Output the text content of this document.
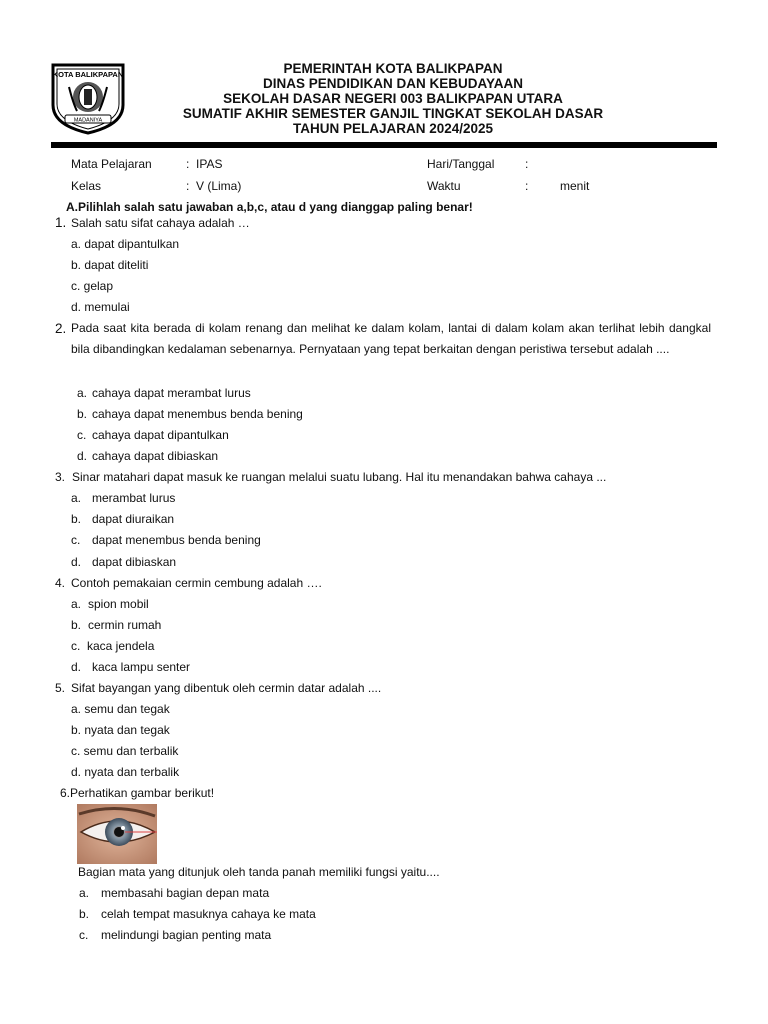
KOTA BALIKPAPAN
MADANIYA
PEMERINTAH KOTA BALIKPAPAN
DINAS PENDIDIKAN DAN KEBUDAYAAN
SEKOLAH DASAR NEGERI 003 BALIKPAPAN UTARA
SUMATIF AKHIR SEMESTER GANJIL TINGKAT SEKOLAH DASAR
TAHUN PELAJARAN 2024/2025
Mata Pelajaran	: IPAS
Kelas	: V (Lima)
Hari/Tanggal	:
Waktu	:	menit
A.Pilihlah salah satu jawaban a,b,c, atau d yang dianggap paling benar!
1. Salah satu sifat cahaya adalah …
a. dapat dipantulkan
b. dapat diteliti
c. gelap
d. memulai
2. Pada saat kita berada di kolam renang dan melihat ke dalam kolam, lantai di dalam kolam akan terlihat lebih dangkal bila dibandingkan kedalaman sebenarnya. Pernyataan yang tepat berkaitan dengan peristiwa tersebut adalah ....
a. cahaya dapat merambat lurus
b. cahaya dapat menembus benda bening
c. cahaya dapat dipantulkan
d. cahaya dapat dibiaskan
3. Sinar matahari dapat masuk ke ruangan melalui suatu lubang. Hal itu menandakan bahwa cahaya ...
a. merambat lurus
b. dapat diuraikan
c. dapat menembus benda bening
d. dapat dibiaskan
4. Contoh pemakaian cermin cembung adalah ….
a. spion mobil
b. cermin rumah
c. kaca jendela
d. kaca lampu senter
5. Sifat bayangan yang dibentuk oleh cermin datar adalah ....
a. semu dan tegak
b. nyata dan tegak
c. semu dan terbalik
d. nyata dan terbalik
6.Perhatikan gambar berikut!
Bagian mata yang ditunjuk oleh tanda panah memiliki fungsi yaitu....
a. membasahi bagian depan mata
b. celah tempat masuknya cahaya ke mata
c. melindungi bagian penting mata
